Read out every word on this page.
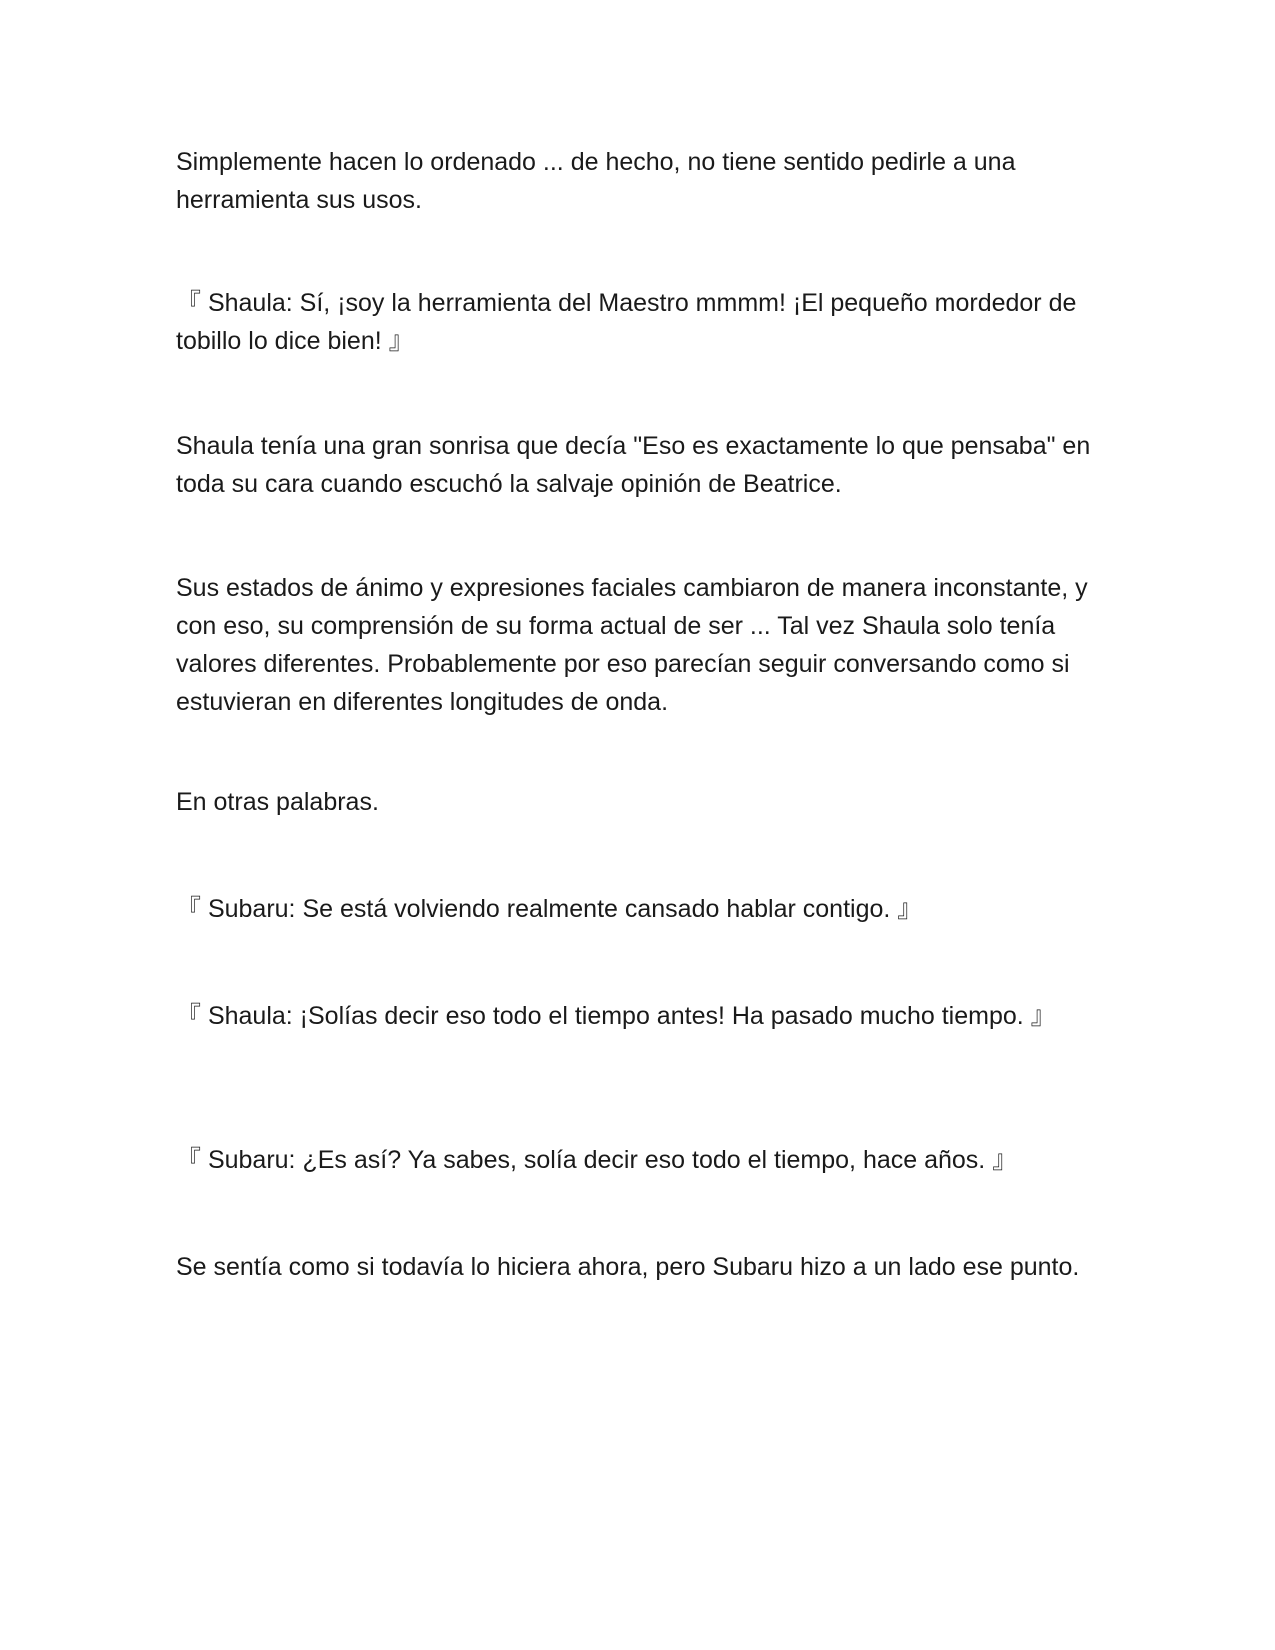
Simplemente hacen lo ordenado ... de hecho, no tiene sentido pedirle a una herramienta sus usos.

『 Shaula: Sí, ¡soy la herramienta del Maestro mmmm! ¡El pequeño mordedor de tobillo lo dice bien! 』

Shaula tenía una gran sonrisa que decía "Eso es exactamente lo que pensaba" en toda su cara cuando escuchó la salvaje opinión de Beatrice.

Sus estados de ánimo y expresiones faciales cambiaron de manera inconstante, y con eso, su comprensión de su forma actual de ser ... Tal vez Shaula solo tenía valores diferentes. Probablemente por eso parecían seguir conversando como si estuvieran en diferentes longitudes de onda.

En otras palabras.

『 Subaru: Se está volviendo realmente cansado hablar contigo. 』

『 Shaula: ¡Solías decir eso todo el tiempo antes! Ha pasado mucho tiempo. 』

『 Subaru: ¿Es así? Ya sabes, solía decir eso todo el tiempo, hace años. 』

Se sentía como si todavía lo hiciera ahora, pero Subaru hizo a un lado ese punto.
